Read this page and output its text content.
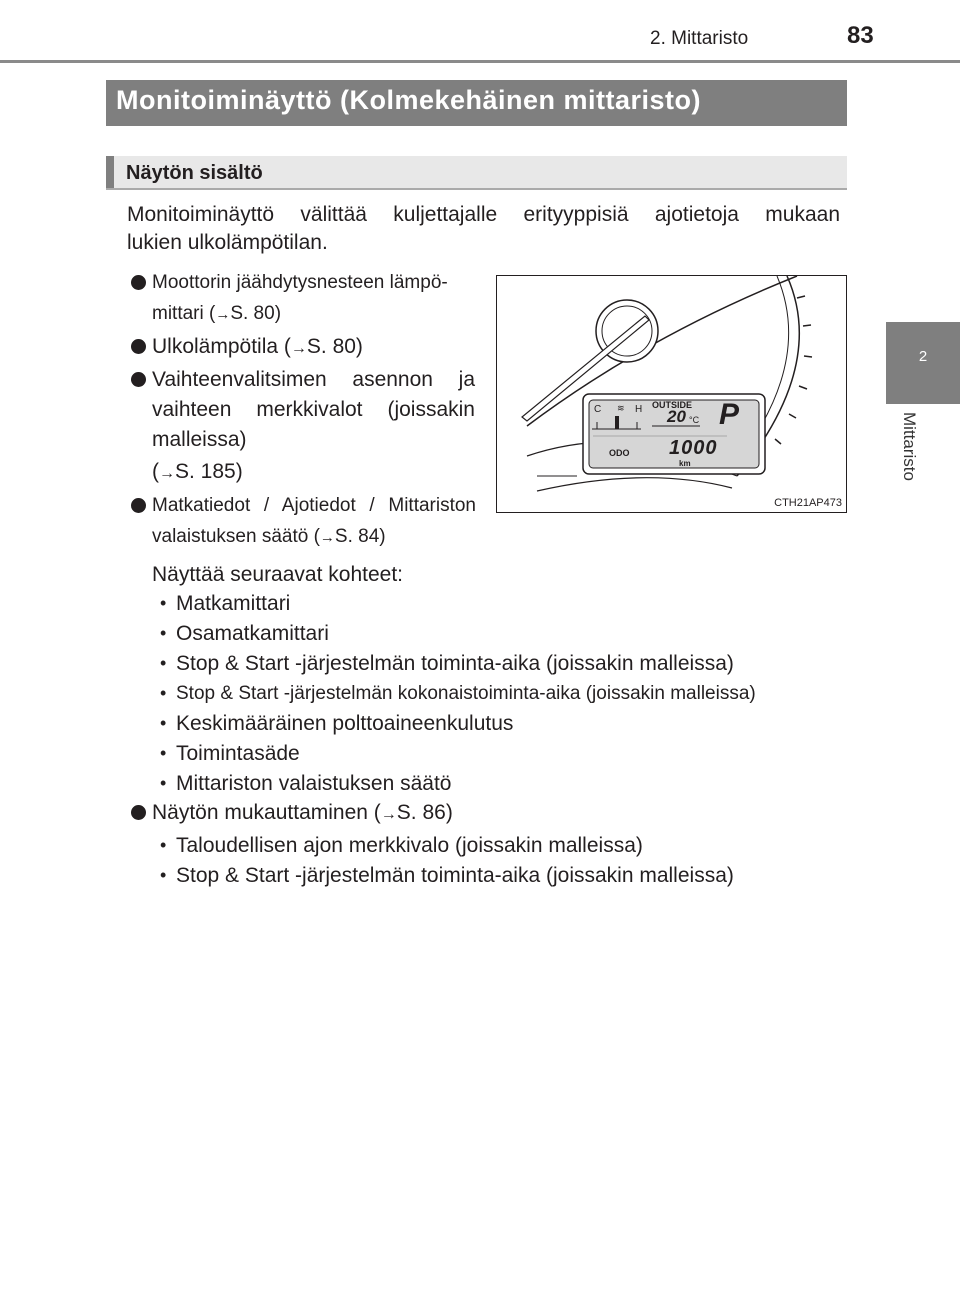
2. Mittaristo	83
2
Mittaristo
Monitoiminäyttö (Kolmekehäinen mittaristo)
Näytön sisältö
Monitoiminäyttö välittää kuljettajalle erityyppisiä ajotietoja mukaan
lukien ulkolämpötilan.
Moottorin jäähdytysnesteen lämpö-
mittari (→S. 80)
Ulkolämpötila (→S. 80)
Vaihteenvalitsimen asennon ja
vaihteen merkkivalot (joissakin
malleissa)
(→S. 185)
Matkatiedot / Ajotiedot / Mittariston
valaistuksen säätö (→S. 84)
Näyttää seuraavat kohteet:
• Matkamittari
• Osamatkamittari
• Stop & Start -järjestelmän toiminta-aika (joissakin malleissa)
• Stop & Start -järjestelmän kokonaistoiminta-aika (joissakin malleissa)
• Keskimääräinen polttoaineenkulutus
• Toimintasäde
• Mittariston valaistuksen säätö
Näytön mukauttaminen (→S. 86)
• Taloudellisen ajon merkkivalo (joissakin malleissa)
• Stop & Start -järjestelmän toiminta-aika (joissakin malleissa)
C ≋ H OUTSIDE
20 °C P
ODO 1000
km
CTH21AP473
